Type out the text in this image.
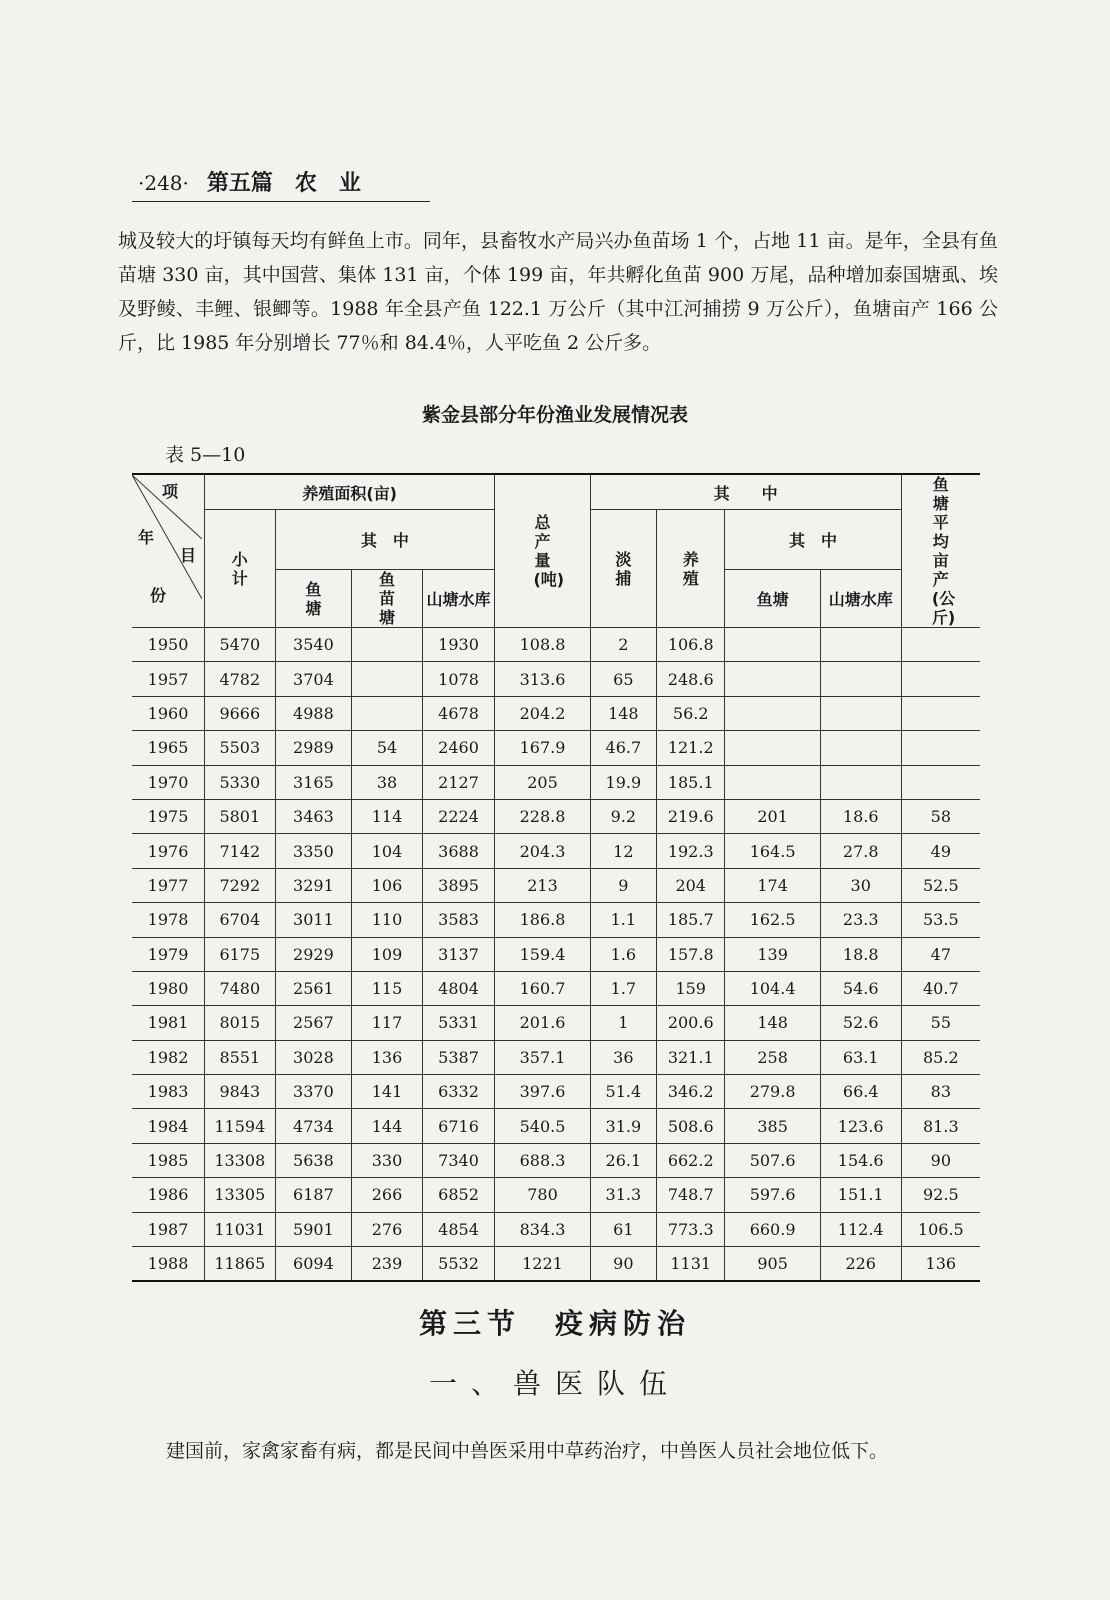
·248· 第五篇　农　业
城及较大的圩镇每天均有鲜鱼上市。同年，县畜牧水产局兴办鱼苗场 1 个，占地 11 亩。是年，全县有鱼苗塘 330 亩，其中国营、集体 131 亩，个体 199 亩，年共孵化鱼苗 900 万尾，品种增加泰国塘虱、埃及野鲮、丰鲤、银鲫等。1988 年全县产鱼 122.1 万公斤（其中江河捕捞 9 万公斤），鱼塘亩产 166 公斤，比 1985 年分别增长 77％和 84.4％，人平吃鱼 2 公斤多。
紫金县部分年份渔业发展情况表
表 5—10
项
年
目
份	养殖面积(亩)				总产量(吨)	其　　中				鱼塘平均亩产(公斤)
	小计	其　中				淡捕	养殖	其　中		
		鱼塘	鱼苗塘	山塘水库				鱼塘	山塘水库	
1950	5470	3540		1930	108.8	2	106.8			
1957	4782	3704		1078	313.6	65	248.6			
1960	9666	4988		4678	204.2	148	56.2			
1965	5503	2989	54	2460	167.9	46.7	121.2			
1970	5330	3165	38	2127	205	19.9	185.1			
1975	5801	3463	114	2224	228.8	9.2	219.6	201	18.6	58
1976	7142	3350	104	3688	204.3	12	192.3	164.5	27.8	49
1977	7292	3291	106	3895	213	9	204	174	30	52.5
1978	6704	3011	110	3583	186.8	1.1	185.7	162.5	23.3	53.5
1979	6175	2929	109	3137	159.4	1.6	157.8	139	18.8	47
1980	7480	2561	115	4804	160.7	1.7	159	104.4	54.6	40.7
1981	8015	2567	117	5331	201.6	1	200.6	148	52.6	55
1982	8551	3028	136	5387	357.1	36	321.1	258	63.1	85.2
1983	9843	3370	141	6332	397.6	51.4	346.2	279.8	66.4	83
1984	11594	4734	144	6716	540.5	31.9	508.6	385	123.6	81.3
1985	13308	5638	330	7340	688.3	26.1	662.2	507.6	154.6	90
1986	13305	6187	266	6852	780	31.3	748.7	597.6	151.1	92.5
1987	11031	5901	276	4854	834.3	61	773.3	660.9	112.4	106.5
1988	11865	6094	239	5532	1221	90	1131	905	226	136
第三节　疫病防治
一、兽医队伍
建国前，家禽家畜有病，都是民间中兽医采用中草药治疗，中兽医人员社会地位低下。
